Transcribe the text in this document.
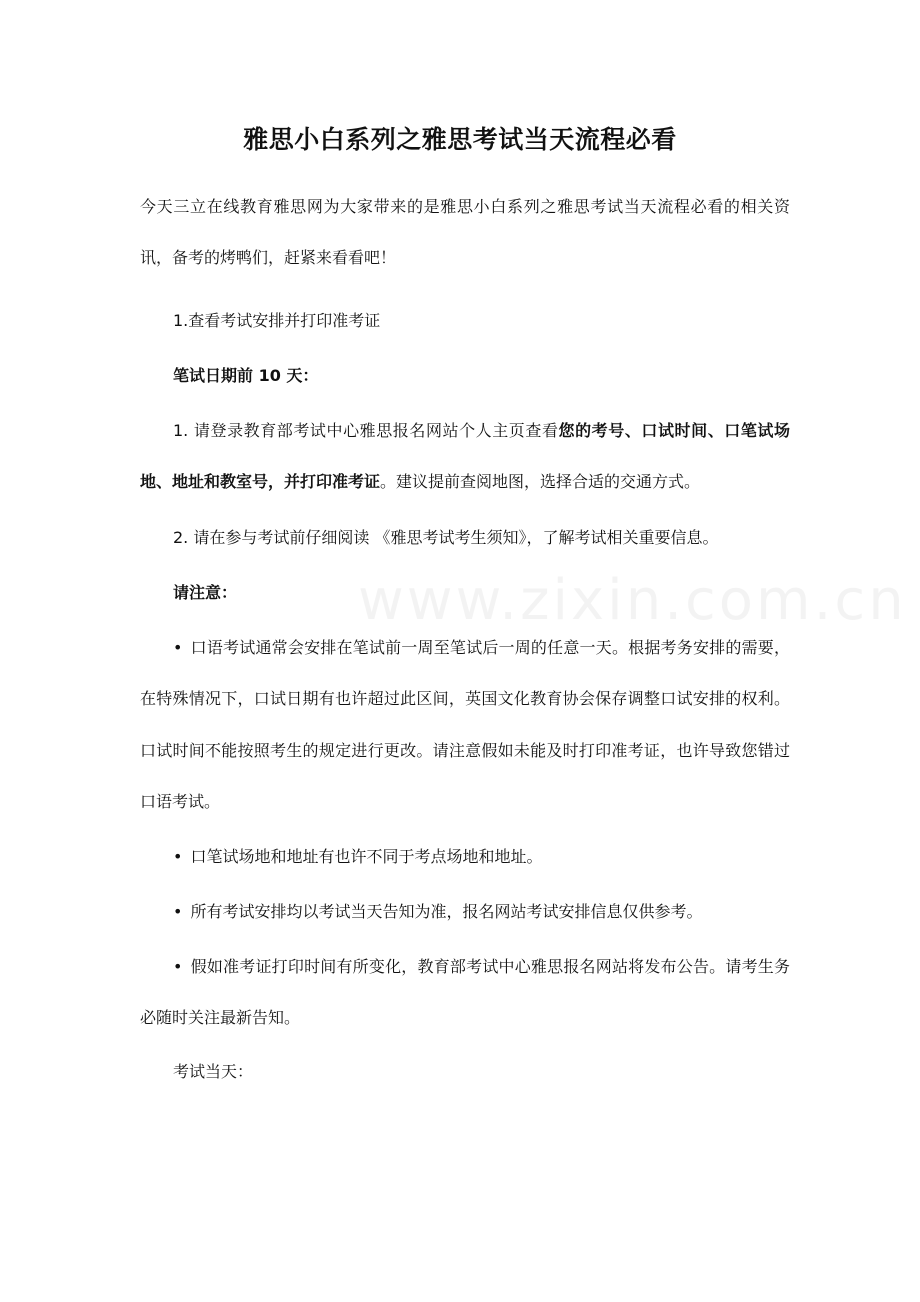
雅思小白系列之雅思考试当天流程必看

今天三立在线教育雅思网为大家带来的是雅思小白系列之雅思考试当天流程必看的相关资讯，备考的烤鸭们，赶紧来看看吧！

1.查看考试安排并打印准考证

笔试日期前 10 天：

1. 请登录教育部考试中心雅思报名网站个人主页查看您的考号、口试时间、口笔试场地、地址和教室号，并打印准考证。建议提前查阅地图，选择合适的交通方式。

2. 请在参与考试前仔细阅读 《雅思考试考生须知》，了解考试相关重要信息。

请注意：

• 口语考试通常会安排在笔试前一周至笔试后一周的任意一天。根据考务安排的需要，在特殊情况下，口试日期有也许超过此区间，英国文化教育协会保存调整口试安排的权利。口试时间不能按照考生的规定进行更改。请注意假如未能及时打印准考证，也许导致您错过口语考试。

• 口笔试场地和地址有也许不同于考点场地和地址。

• 所有考试安排均以考试当天告知为准，报名网站考试安排信息仅供参考。

• 假如准考证打印时间有所变化，教育部考试中心雅思报名网站将发布公告。请考生务必随时关注最新告知。

考试当天：
